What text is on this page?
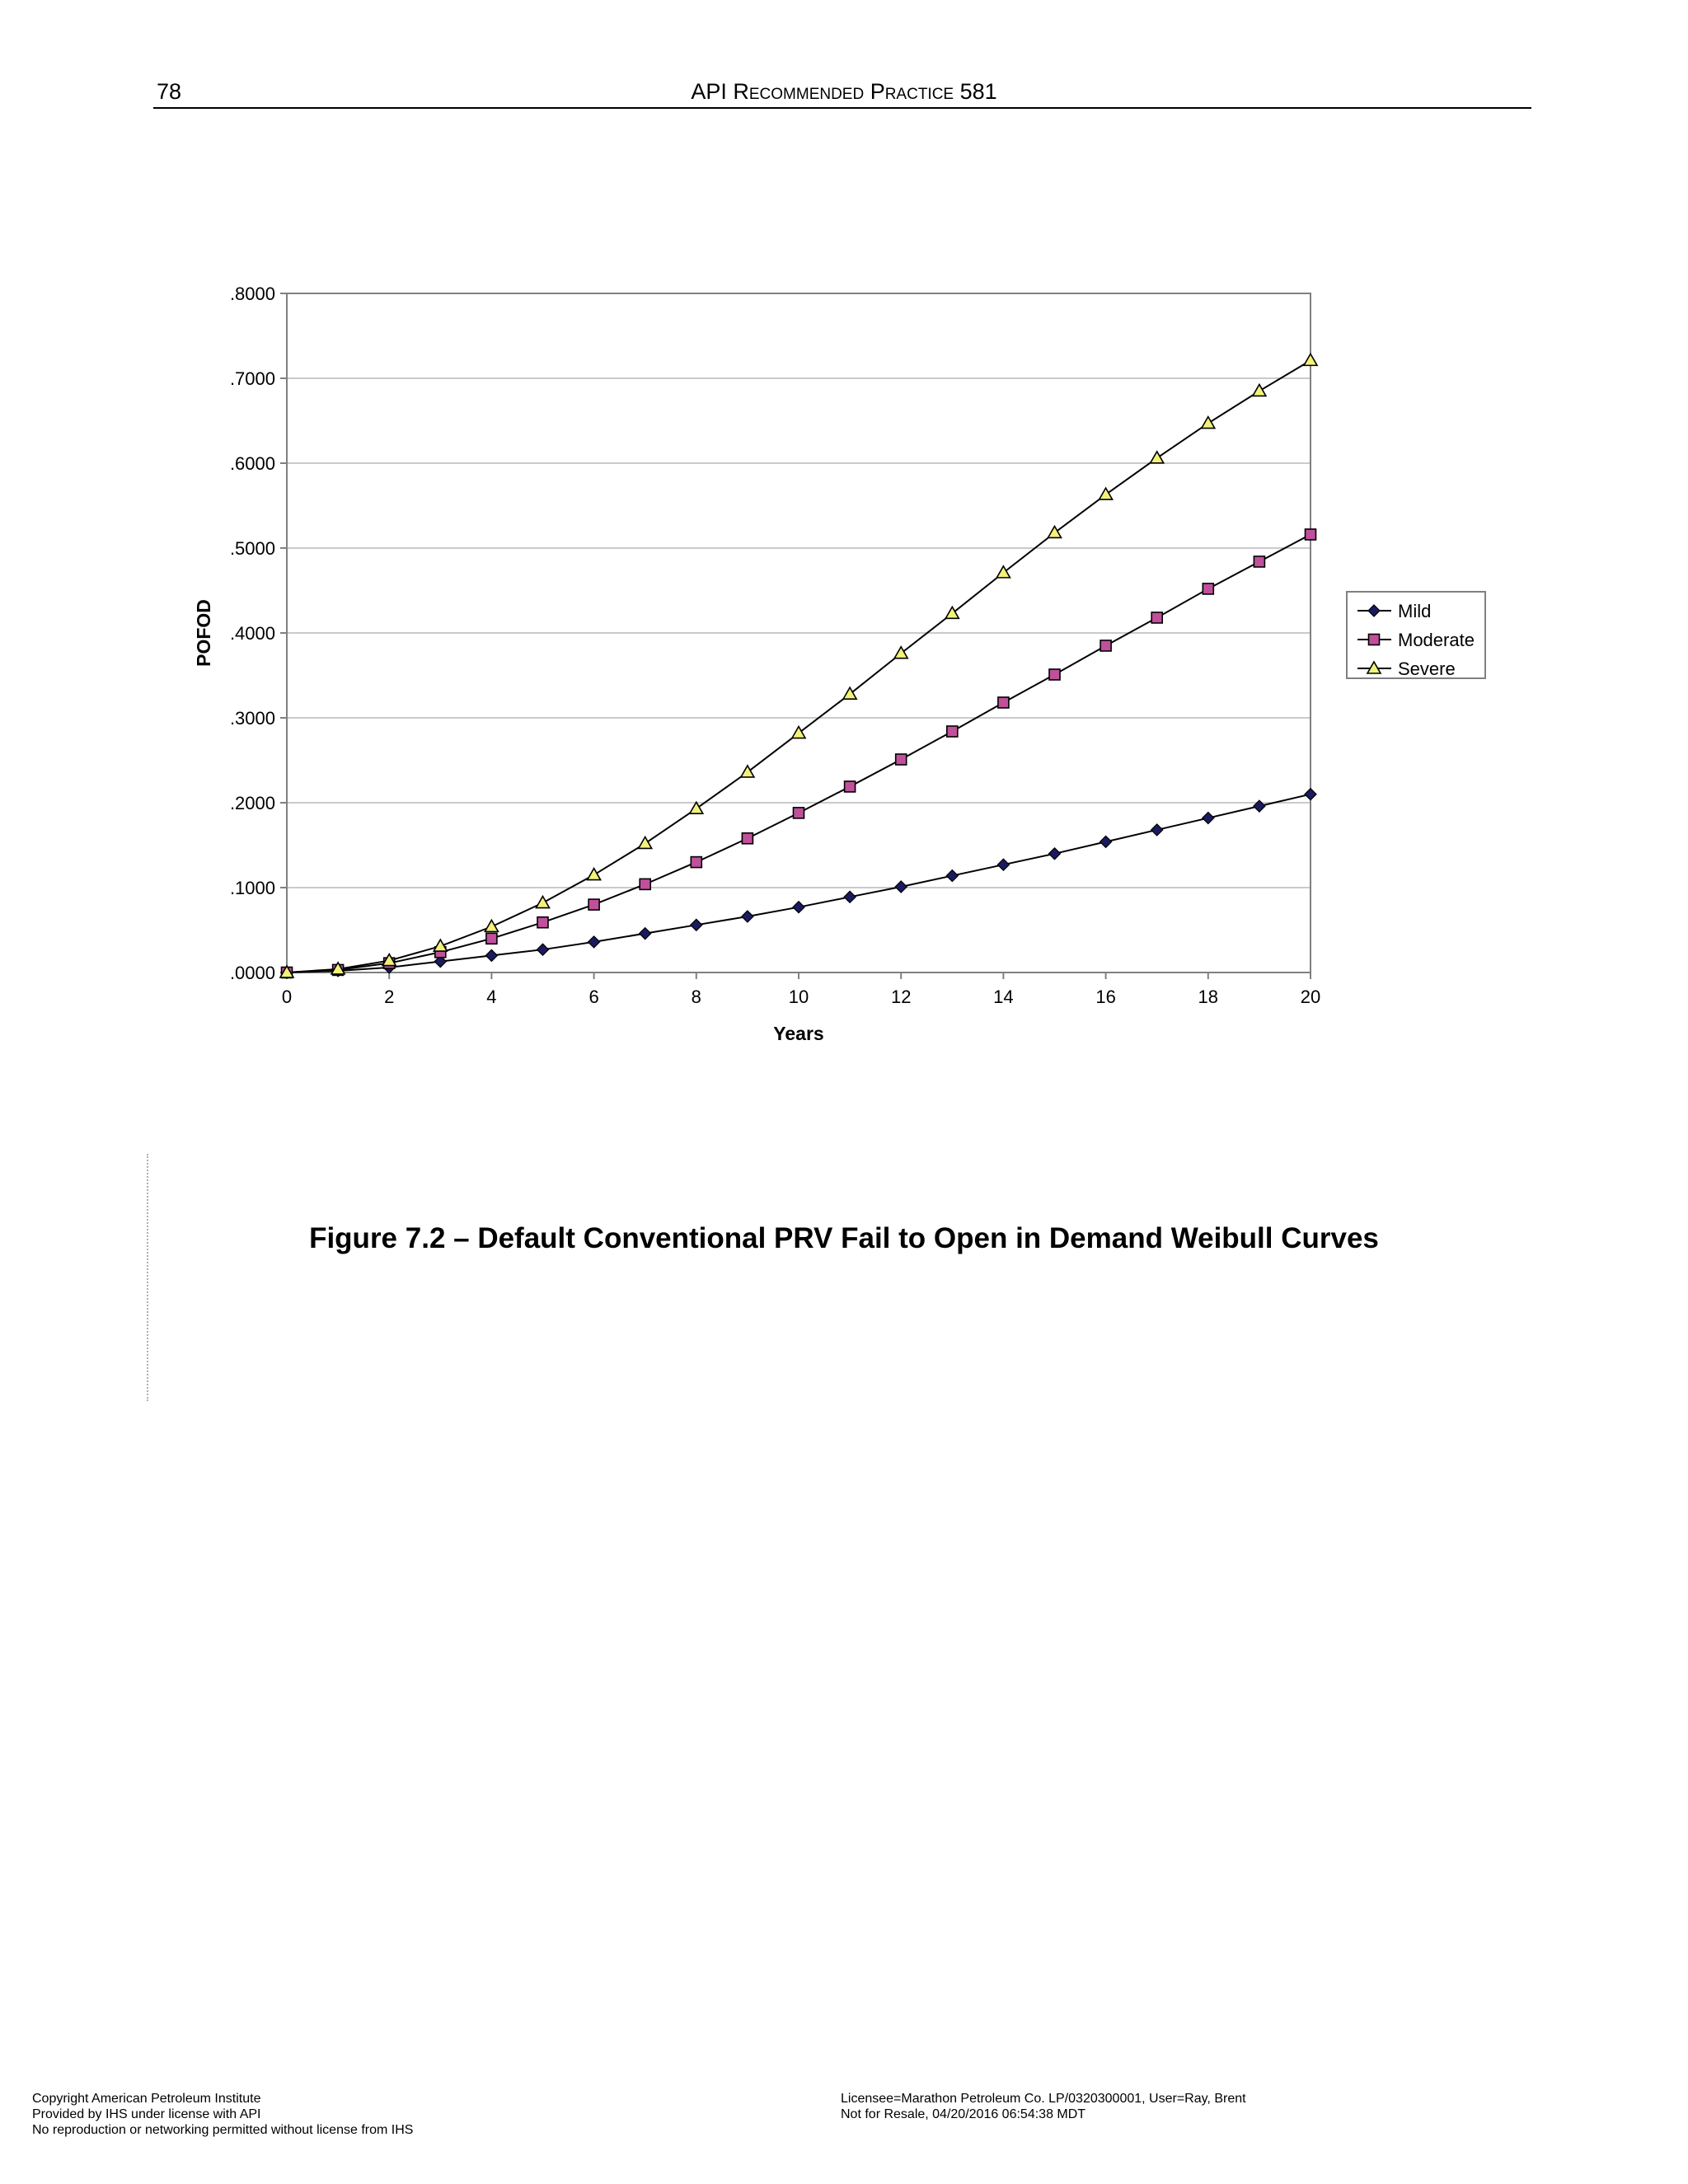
78	API Recommended Practice 581
.0000
.1000
.2000
.3000
.4000
.5000
.6000
.7000
.8000
0	2	4	6	8	10	12	14	16	18	20
Years
POFOD	Mild
Moderate
Severe
Figure 7.2 – Default Conventional PRV Fail to Open in Demand Weibull Curves
Copyright American Petroleum Institute
Provided by IHS under license with API
No reproduction or networking permitted without license from IHS
Licensee=Marathon Petroleum Co. LP/0320300001, User=Ray, Brent
Not for Resale, 04/20/2016 06:54:38 MDT
